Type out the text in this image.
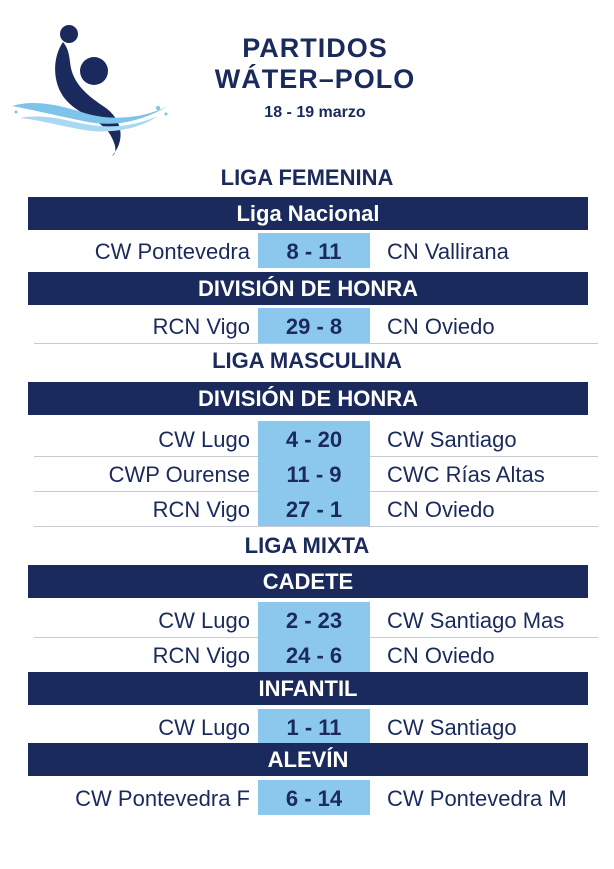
PARTIDOS
WÁTER–POLO
18 - 19 marzo
LIGA FEMENINA
Liga Nacional
CW Pontevedra	8 - 11	CN Vallirana
DIVISIÓN DE HONRA
RCN Vigo	29 - 8	CN Oviedo
LIGA MASCULINA
DIVISIÓN DE HONRA
CW Lugo	4 - 20	CW Santiago
CWP Ourense	11 - 9	CWC Rías Altas
RCN Vigo	27 - 1	CN Oviedo
LIGA MIXTA
CADETE
CW Lugo	2 - 23	CW Santiago Mas
RCN Vigo	24 - 6	CN Oviedo
INFANTIL
CW Lugo	1 - 11	CW Santiago
ALEVÍN
CW Pontevedra F	6 - 14	CW Pontevedra M
